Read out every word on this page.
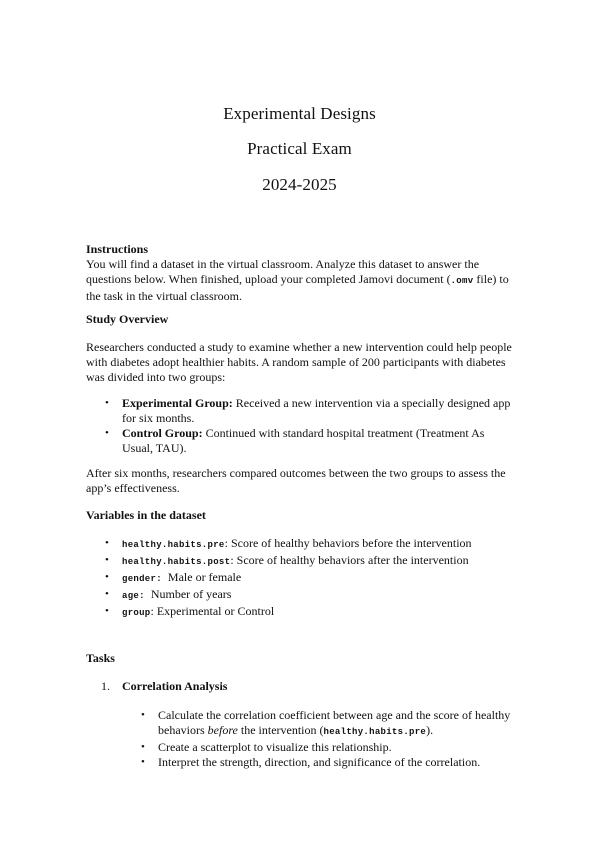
Experimental Designs
Practical Exam
2024-2025
Instructions

You will find a dataset in the virtual classroom. Analyze this dataset to answer the questions below. When finished, upload your completed Jamovi document (.omv file) to the task in the virtual classroom.

Study Overview

Researchers conducted a study to examine whether a new intervention could help people with diabetes adopt healthier habits. A random sample of 200 participants with diabetes was divided into two groups:

• Experimental Group: Received a new intervention via a specially designed app for six months.
• Control Group: Continued with standard hospital treatment (Treatment As Usual, TAU).

After six months, researchers compared outcomes between the two groups to assess the app’s effectiveness.

Variables in the dataset
• healthy.habits.pre: Score of healthy behaviors before the intervention
• healthy.habits.post: Score of healthy behaviors after the intervention
• gender:  Male or female
• age:  Number of years
• group: Experimental or Control
Tasks
1. Correlation Analysis
• Calculate the correlation coefficient between age and the score of healthy behaviors before the intervention (healthy.habits.pre).
• Create a scatterplot to visualize this relationship.
• Interpret the strength, direction, and significance of the correlation.
